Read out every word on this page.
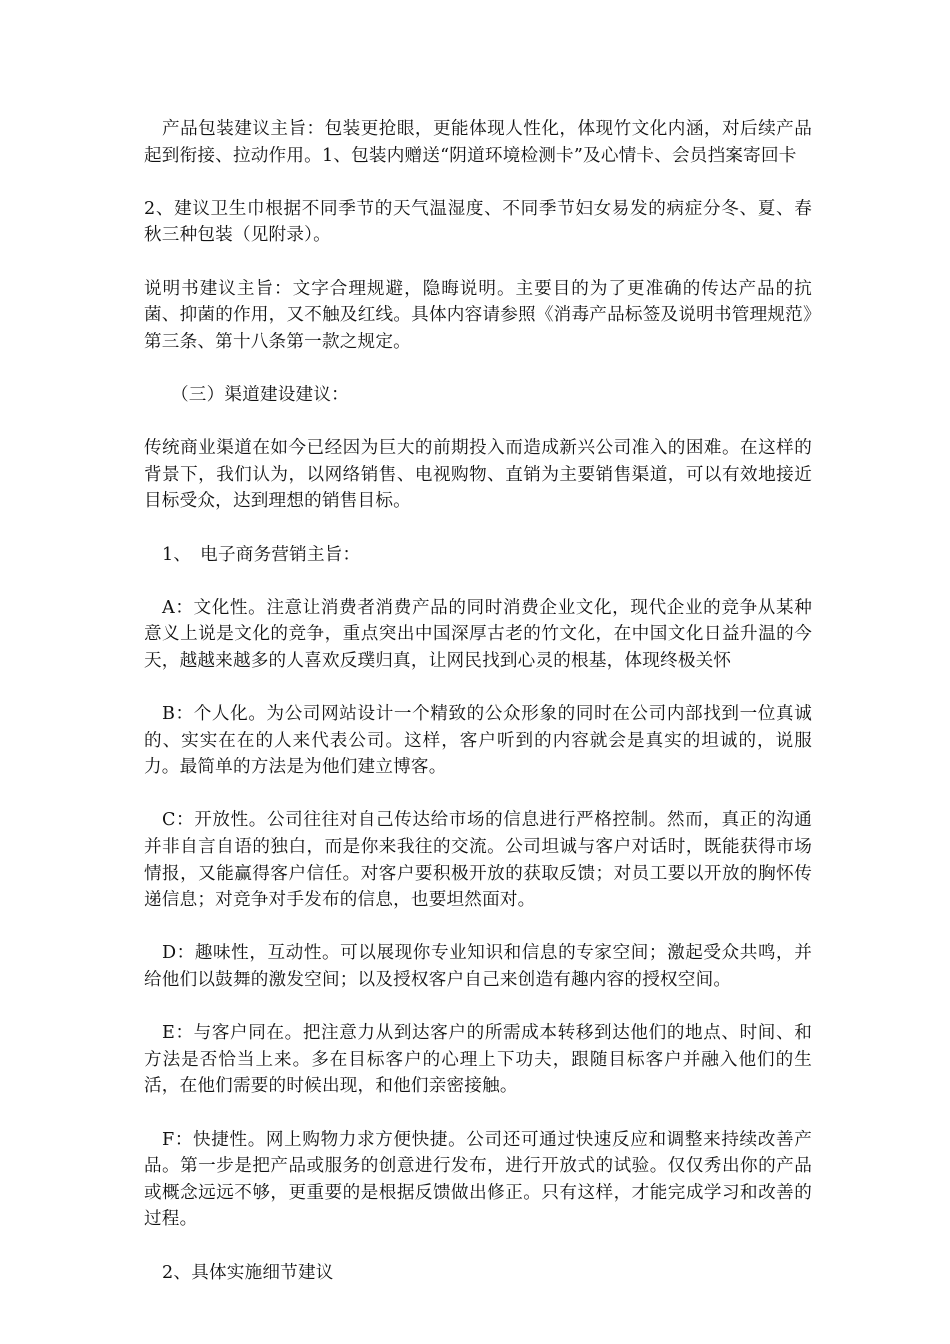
产品包装建议主旨：包装更抢眼，更能体现人性化，体现竹文化内涵，对后续产品起到衔接、拉动作用。1、包装内赠送“阴道环境检测卡”及心情卡、会员挡案寄回卡

2、建议卫生巾根据不同季节的天气温湿度、不同季节妇女易发的病症分冬、夏、春秋三种包装（见附录）。

说明书建议主旨：文字合理规避，隐晦说明。主要目的为了更准确的传达产品的抗菌、抑菌的作用，又不触及红线。具体内容请参照《消毒产品标签及说明书管理规范》第三条、第十八条第一款之规定。

（三）渠道建设建议：

传统商业渠道在如今已经因为巨大的前期投入而造成新兴公司准入的困难。在这样的背景下，我们认为，以网络销售、电视购物、直销为主要销售渠道，可以有效地接近目标受众，达到理想的销售目标。

1、　电子商务营销主旨：

A：文化性。注意让消费者消费产品的同时消费企业文化，现代企业的竞争从某种意义上说是文化的竞争，重点突出中国深厚古老的竹文化，在中国文化日益升温的今天，越越来越多的人喜欢反璞归真，让网民找到心灵的根基，体现终极关怀

B：个人化。为公司网站设计一个精致的公众形象的同时在公司内部找到一位真诚的、实实在在的人来代表公司。这样，客户听到的内容就会是真实的坦诚的，说服力。最简单的方法是为他们建立博客。

C：开放性。公司往往对自己传达给市场的信息进行严格控制。然而，真正的沟通并非自言自语的独白，而是你来我往的交流。公司坦诚与客户对话时，既能获得市场情报，又能赢得客户信任。对客户要积极开放的获取反馈；对员工要以开放的胸怀传递信息；对竞争对手发布的信息，也要坦然面对。

D：趣味性，互动性。可以展现你专业知识和信息的专家空间；激起受众共鸣，并给他们以鼓舞的激发空间；以及授权客户自己来创造有趣内容的授权空间。

E：与客户同在。把注意力从到达客户的所需成本转移到达他们的地点、时间、和方法是否恰当上来。多在目标客户的心理上下功夫，跟随目标客户并融入他们的生活，在他们需要的时候出现，和他们亲密接触。

F：快捷性。网上购物力求方便快捷。公司还可通过快速反应和调整来持续改善产品。第一步是把产品或服务的创意进行发布，进行开放式的试验。仅仅秀出你的产品或概念远远不够，更重要的是根据反馈做出修正。只有这样，才能完成学习和改善的过程。

2、具体实施细节建议
